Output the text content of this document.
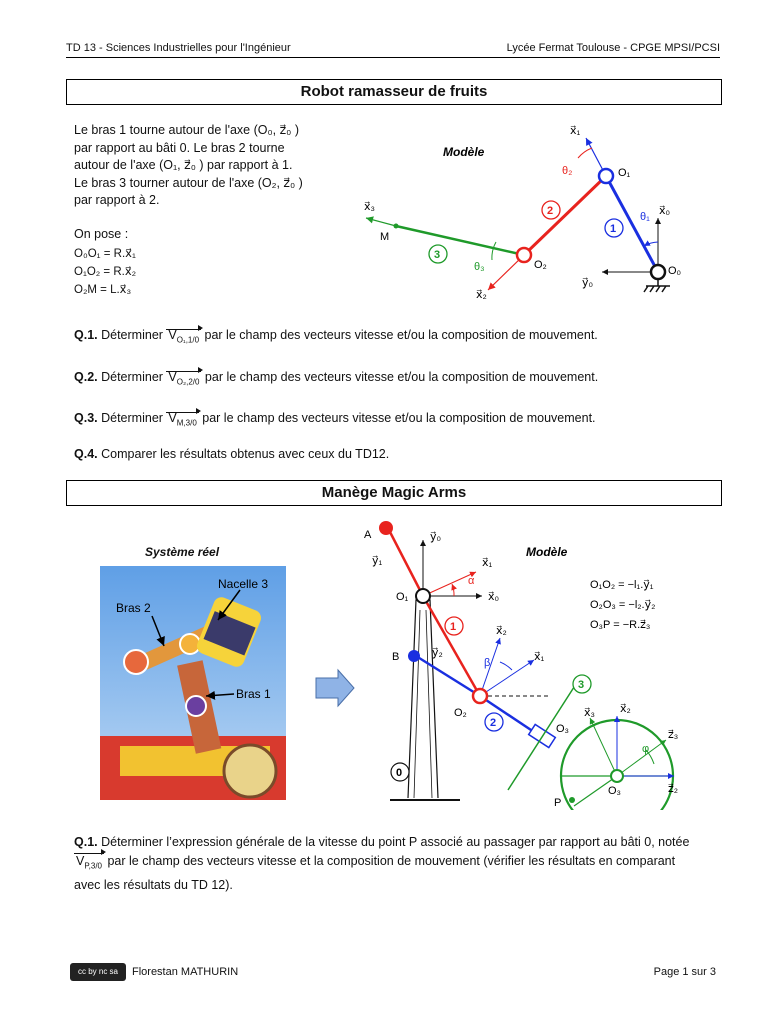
TD 13 - Sciences Industrielles pour l'Ingénieur	Lycée Fermat Toulouse - CPGE MPSI/PCSI
Robot ramasseur de fruits
Le bras 1 tourne autour de l'axe (O₀, z⃗₀ )
par rapport au bâti 0. Le bras 2 tourne
autour de l'axe (O₁, z⃗₀ ) par rapport à 1.
Le bras 3 tourner autour de l'axe (O₂, z⃗₀ )
par rapport à 2.
On pose :
O₀O₁ = R.x⃗₁
O₁O₂ = R.x⃗₂
O₂M = L.x⃗₃
Modèle
x⃗₁
O₁
θ₂
x⃗₃	2	x⃗₀
θ₁
1
M
3
θ₃	O₂
y⃗₀
O₀
x⃗₂
Q.1. Déterminer $V_{O_1,1/0}$ par le champ des vecteurs vitesse et/ou la composition de mouvement.
Q.2. Déterminer $V_{O_2,2/0}$ par le champ des vecteurs vitesse et/ou la composition de mouvement.
Q.3. Déterminer $V_{M,3/0}$ par le champ des vecteurs vitesse et/ou la composition de mouvement.
Q.4. Comparer les résultats obtenus avec ceux du TD12.
Manège Magic Arms
Système réel
Nacelle 3
Bras 2
Bras 1
Modèle
0
3
O₁O₂ = −l₁.y⃗₁
O₂O₃ = −l₂.y⃗₂
O₃P = −R.z⃗₃
A	y⃗₀
y⃗₁	x⃗₁
α
O₁	x⃗₀
1	x⃗₂
B	y⃗₂
β	x⃗₁
O₂
2	O₃
x⃗₃ x⃗₂
z⃗₃
φ
O₃
P
z⃗₂
Q.1. Déterminer l’expression générale de la vitesse du point P associé au passager par rapport au bâti 0, notée
$V_{P,3/0}$ par le champ des vecteurs vitesse et la composition de mouvement (vérifier les résultats en comparant
avec les résultats du TD 12).
cc by nc sa	Florestan MATHURIN	Page 1 sur 3
